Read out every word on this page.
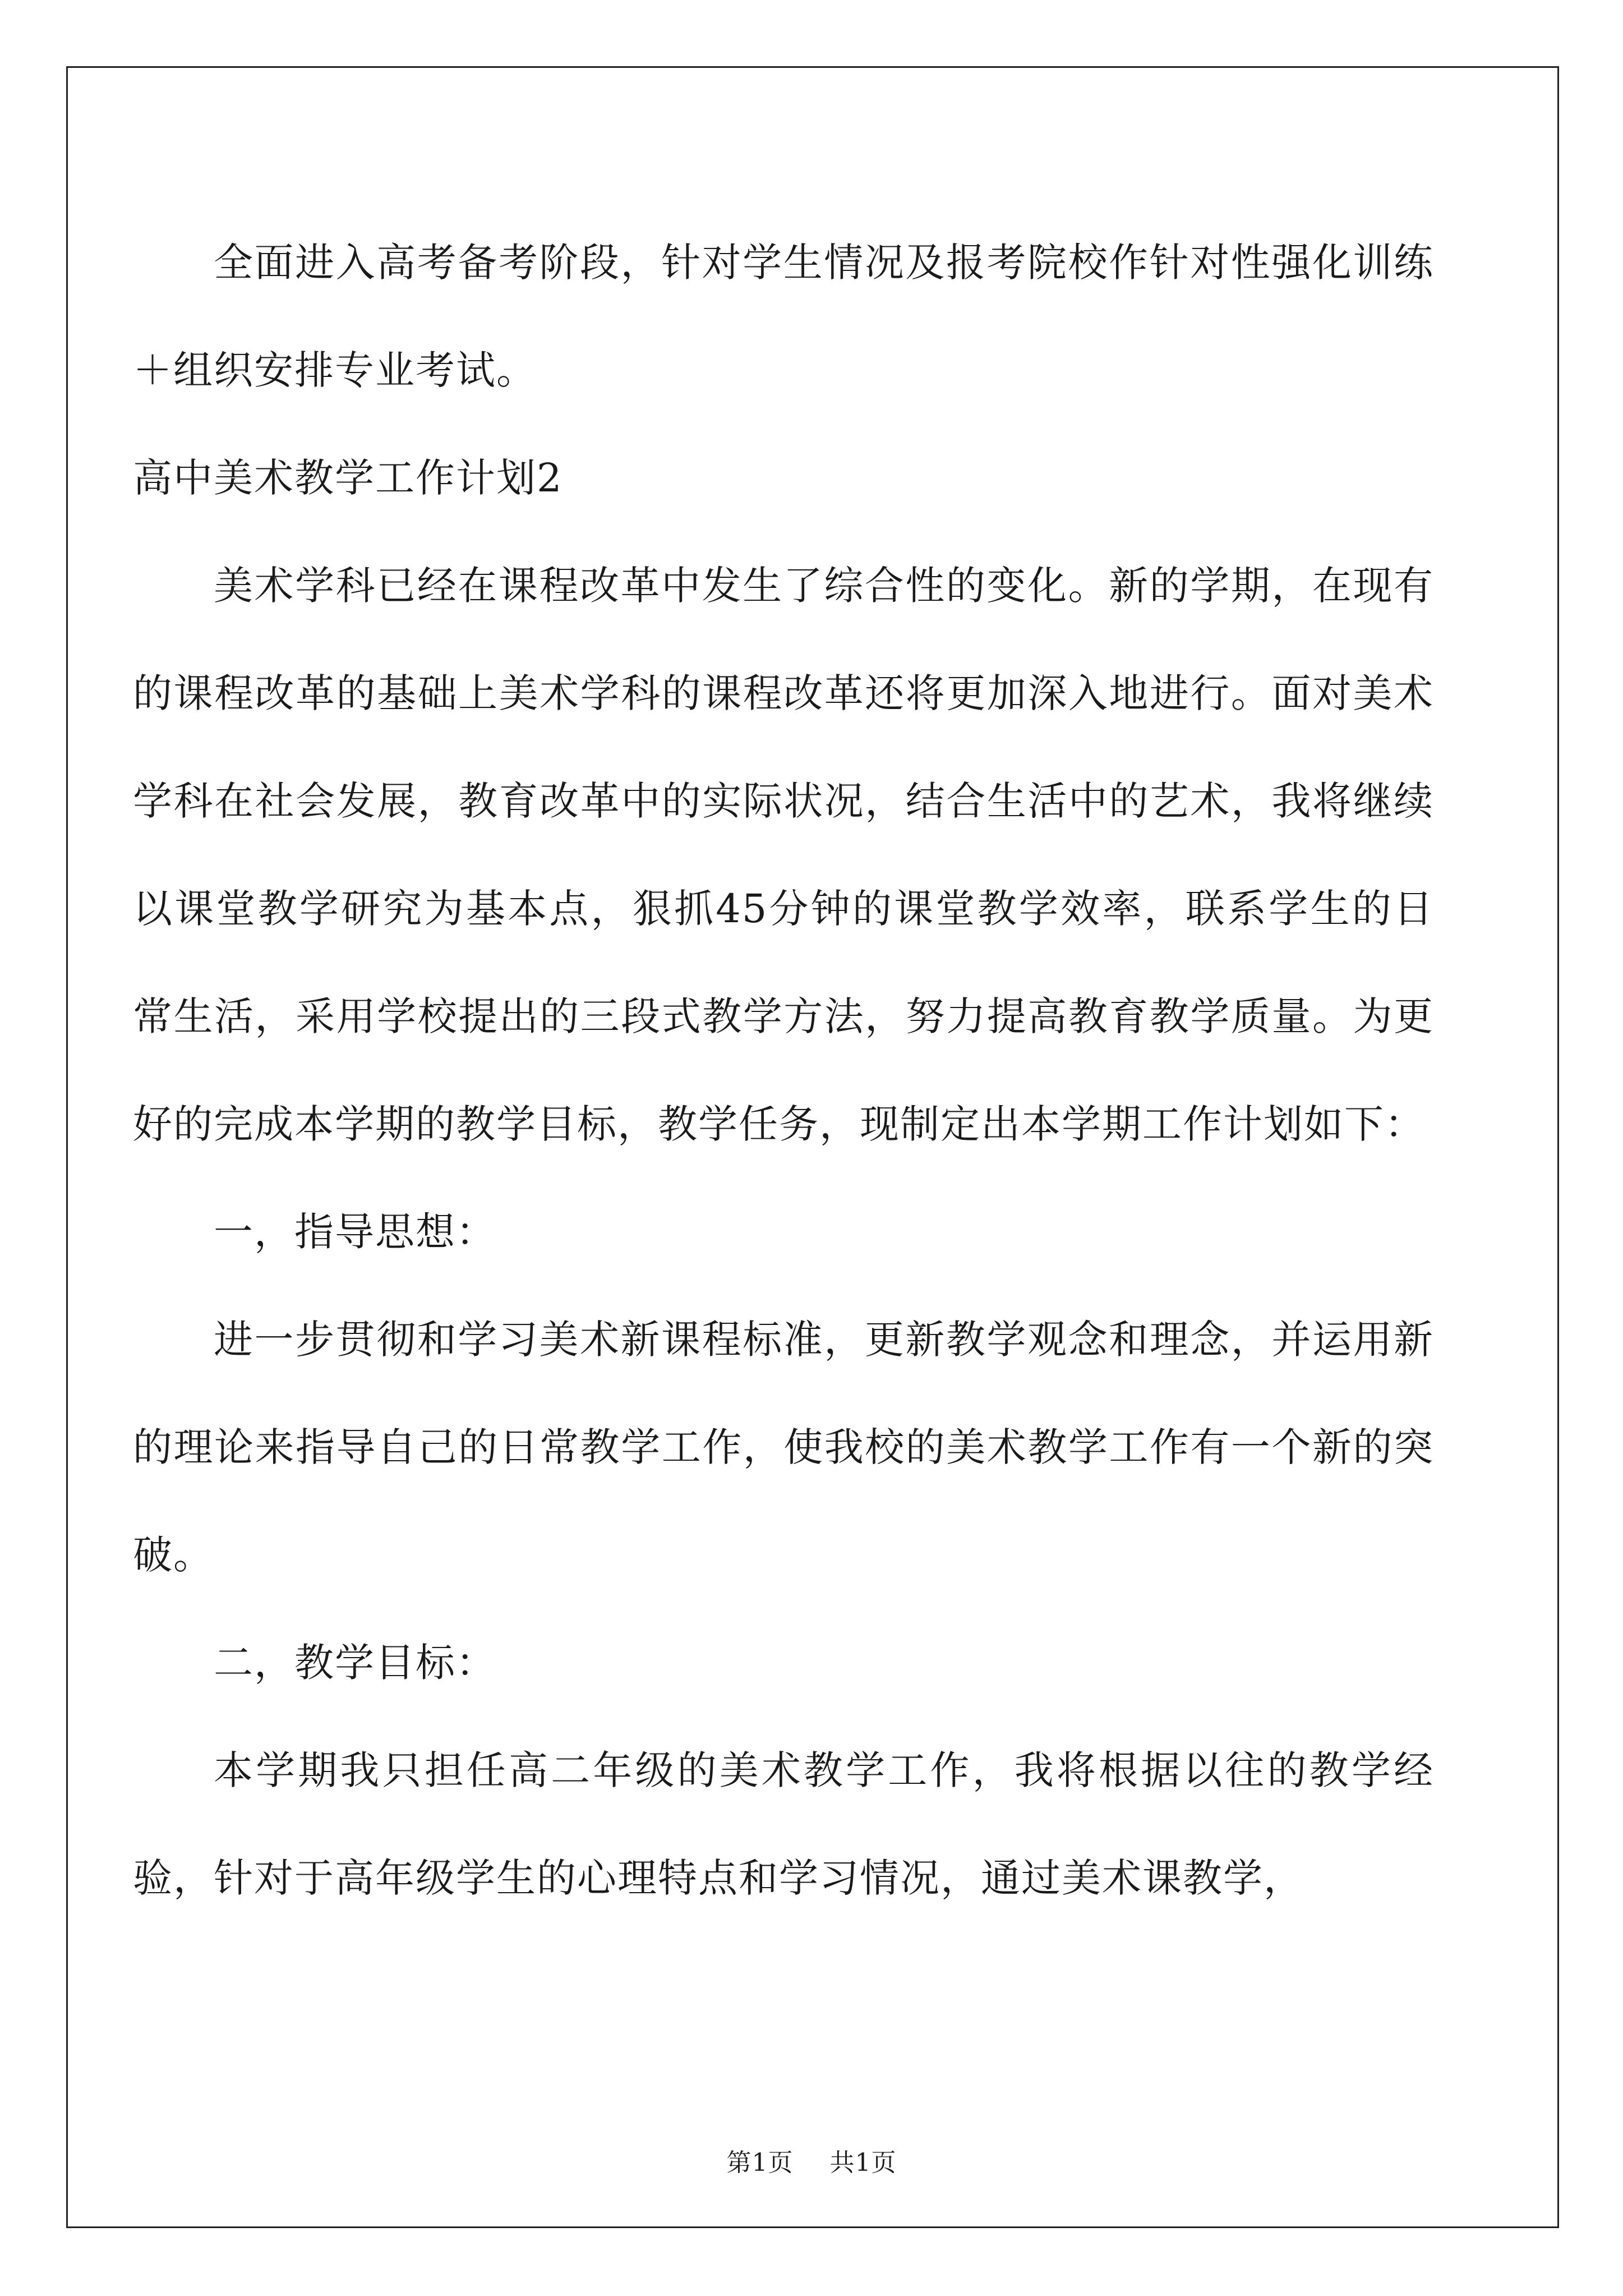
全面进入高考备考阶段，针对学生情况及报考院校作针对性强化训练＋组织安排专业考试。

高中美术教学工作计划2

美术学科已经在课程改革中发生了综合性的变化。新的学期，在现有的课程改革的基础上美术学科的课程改革还将更加深入地进行。面对美术学科在社会发展，教育改革中的实际状况，结合生活中的艺术，我将继续以课堂教学研究为基本点，狠抓45分钟的课堂教学效率，联系学生的日常生活，采用学校提出的三段式教学方法，努力提高教育教学质量。为更好的完成本学期的教学目标，教学任务，现制定出本学期工作计划如下：

一，指导思想：

进一步贯彻和学习美术新课程标准，更新教学观念和理念，并运用新的理论来指导自己的日常教学工作，使我校的美术教学工作有一个新的突破。

二，教学目标：

本学期我只担任高二年级的美术教学工作，我将根据以往的教学经验，针对于高年级学生的心理特点和学习情况，通过美术课教学，

第1页 共1页
